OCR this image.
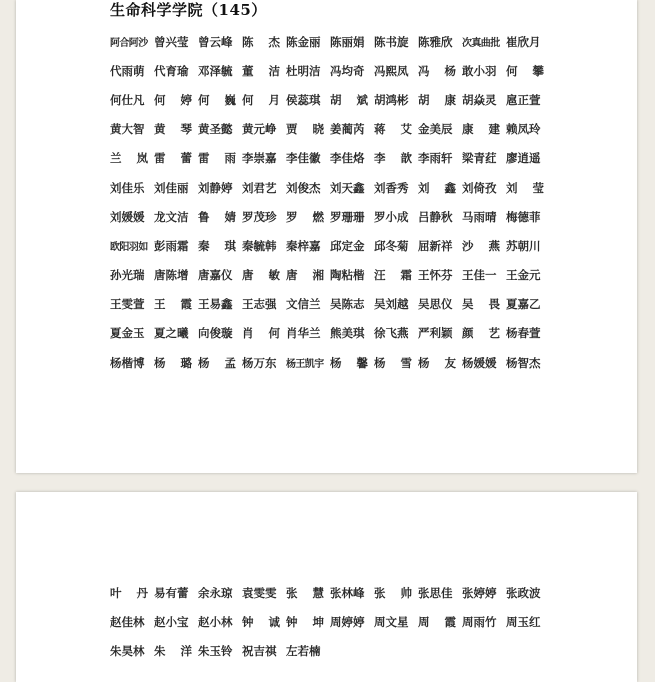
生命科学学院（145）
阿合阿沙 曾兴莹 曾云峰 陈 杰 陈金丽 陈丽娟 陈书旋 陈雅欣 次真曲批 崔欣月
代雨萌 代育瑜 邓泽毓 董 洁 杜明洁 冯均奇 冯熙凤 冯 杨 敢小羽 何 攀
何仕凡 何 婷 何 巍 何 月 侯蕊琪 胡 斌 胡鸿彬 胡 康 胡焱灵 扈正萱
黄大智 黄 琴 黄圣懿 黄元峥 贾 晓 姜蔺芮 蒋 艾 金美辰 康 建 赖凤玲
兰 岚 雷 蕾 雷 雨 李崇嘉 李佳徽 李佳烙 李 歆 李雨轩 梁青荭 廖逍遥
刘佳乐 刘佳丽 刘静婷 刘君艺 刘俊杰 刘天鑫 刘香秀 刘 鑫 刘倚孜 刘 莹
刘媛媛 龙文洁 鲁 婧 罗茂珍 罗 燃 罗珊珊 罗小成 吕静秋 马雨晴 梅德菲
欧阳羽如 彭雨霜 秦 琪 秦毓韩 秦梓嘉 邱定金 邱冬菊 屈新祥 沙 燕 苏朝川
孙光瑞 唐陈增 唐嘉仪 唐 敏 唐 湘 陶粘楷 汪 霜 王怀芬 王佳一 王金元
王雯萱 王 霞 王易鑫 王志强 文信兰 吴陈志 吴刘越 吴思仪 吴 畏 夏嘉乙
夏金玉 夏之曦 向俊璇 肖 何 肖华兰 熊美琪 徐飞燕 严利颖 颜 艺 杨春萱
杨楷博 杨 璐 杨 孟 杨万东 杨王凯宇 杨 馨 杨 雪 杨 友 杨媛媛 杨智杰
叶 丹 易有蕾 余永琼 袁雯雯 张 慧 张林峰 张 帅 张思佳 张婷婷 张政波
赵佳林 赵小宝 赵小林 钟 诚 钟 坤 周婷婷 周文星 周 霞 周雨竹 周玉红
朱昊林 朱 洋 朱玉铃 祝吉祺 左若楠
